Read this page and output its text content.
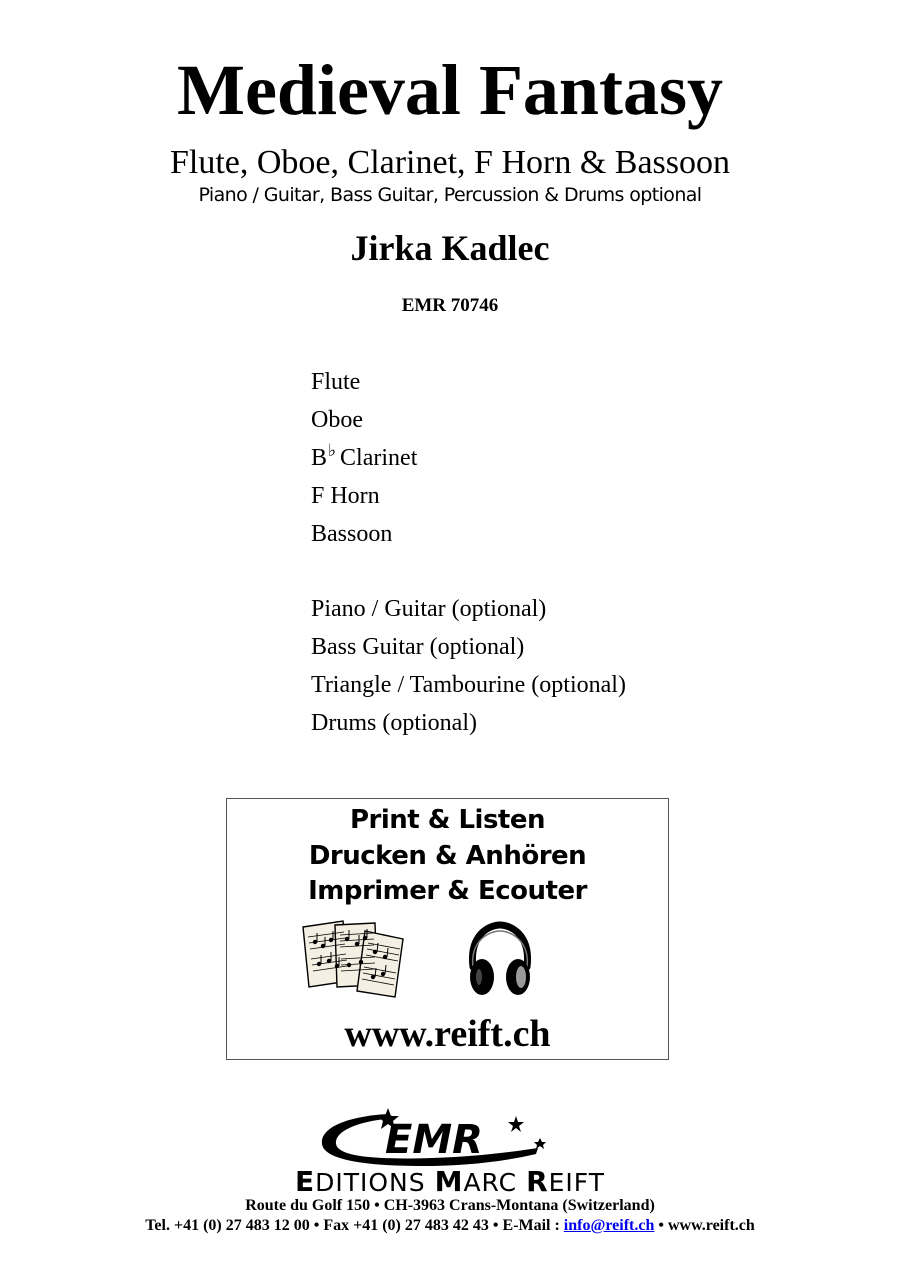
Medieval Fantasy
Flute, Oboe, Clarinet, F Horn & Bassoon
Piano / Guitar, Bass Guitar, Percussion & Drums optional
Jirka Kadlec
EMR 70746
Flute
Oboe
B♭ Clarinet
F Horn
Bassoon
Piano / Guitar (optional)
Bass Guitar (optional)
Triangle / Tambourine (optional)
Drums (optional)
Print & Listen
Drucken & Anhören
Imprimer & Ecouter
www.reift.ch
EMR
EDITIONS MARC REIFT
Route du Golf 150 • CH-3963 Crans-Montana (Switzerland)
Tel. +41 (0) 27 483 12 00 • Fax +41 (0) 27 483 42 43 • E-Mail : info@reift.ch • www.reift.ch
